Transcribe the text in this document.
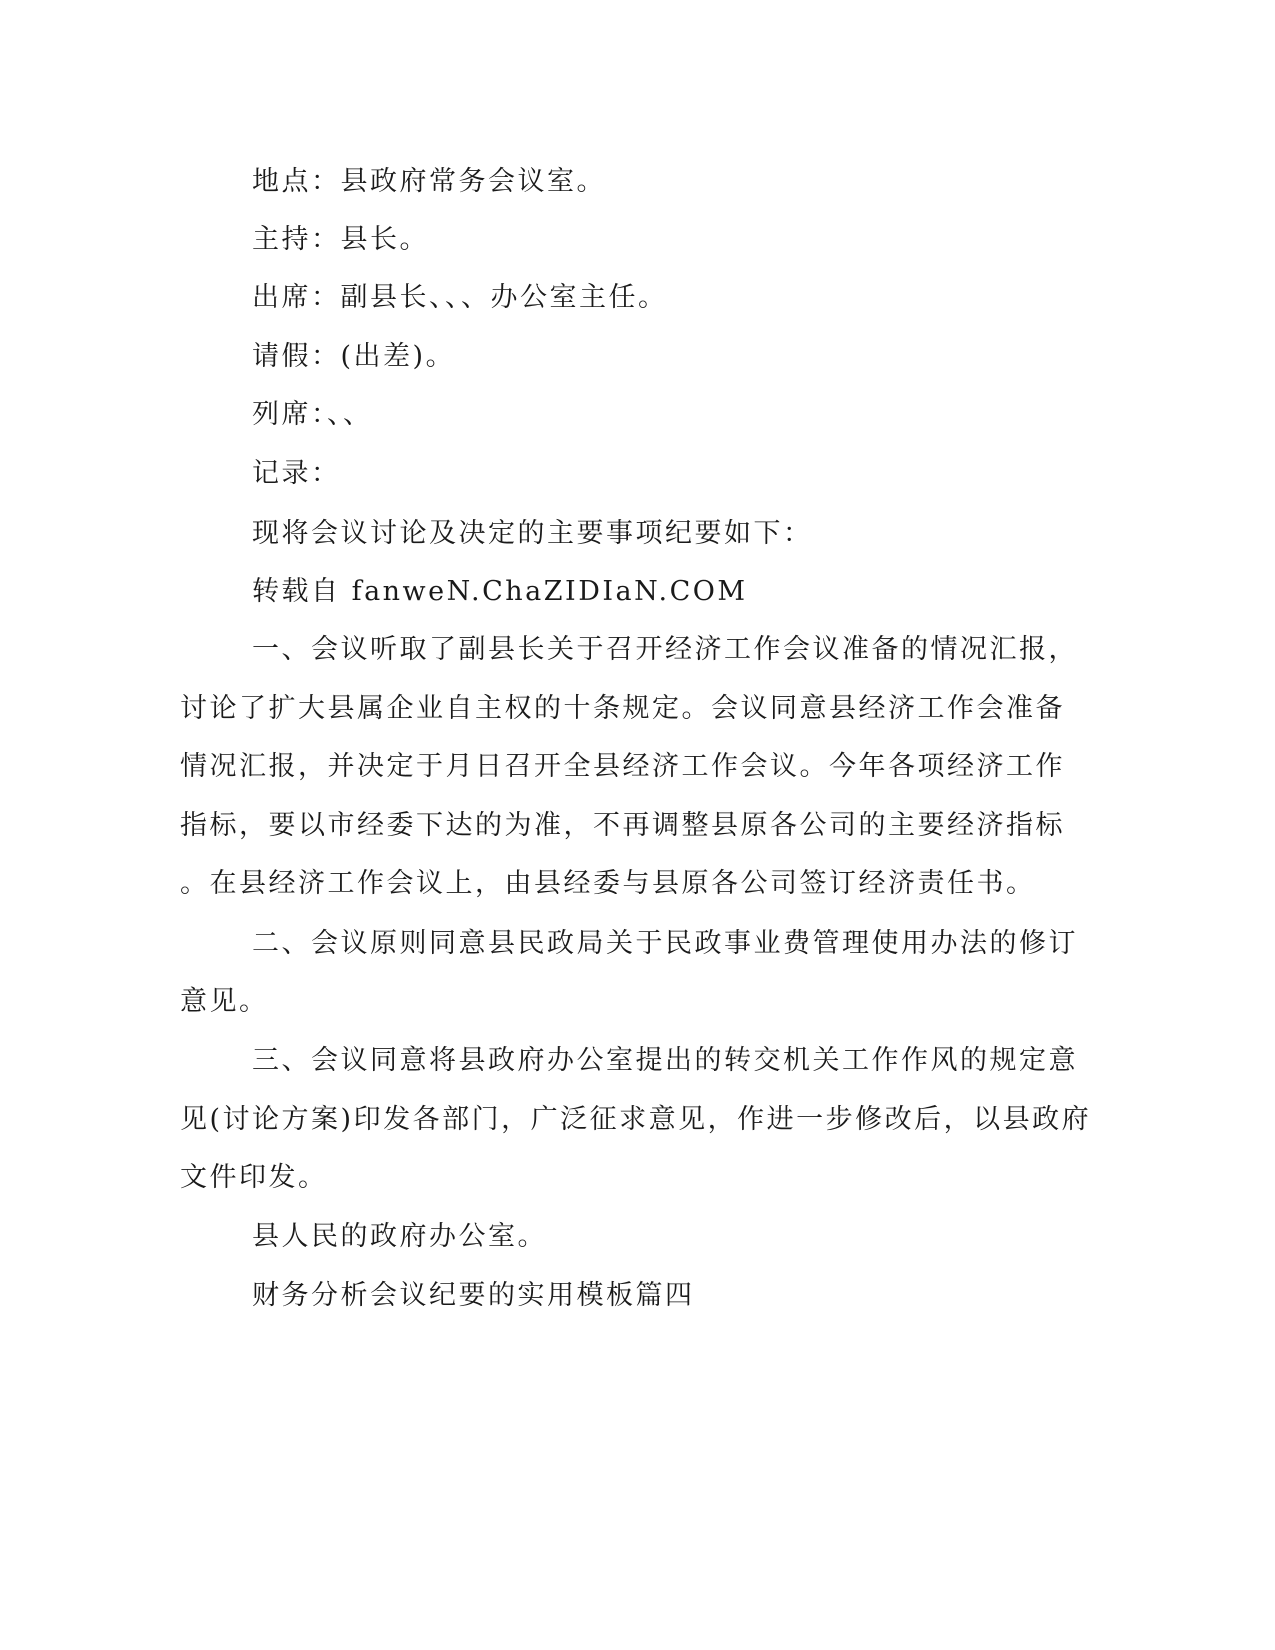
地点：县政府常务会议室。
主持：县长。
出席：副县长、、、办公室主任。
请假：(出差)。
列席：、、
记录：
现将会议讨论及决定的主要事项纪要如下：
转载自 fanweN.ChaZIDIaN.COM
一、会议听取了副县长关于召开经济工作会议准备的情况汇报，
讨论了扩大县属企业自主权的十条规定。会议同意县经济工作会准备
情况汇报，并决定于月日召开全县经济工作会议。今年各项经济工作
指标，要以市经委下达的为准，不再调整县原各公司的主要经济指标
。在县经济工作会议上，由县经委与县原各公司签订经济责任书。
二、会议原则同意县民政局关于民政事业费管理使用办法的修订
意见。
三、会议同意将县政府办公室提出的转交机关工作作风的规定意
见(讨论方案)印发各部门，广泛征求意见，作进一步修改后，以县政府
文件印发。
县人民的政府办公室。
财务分析会议纪要的实用模板篇四
